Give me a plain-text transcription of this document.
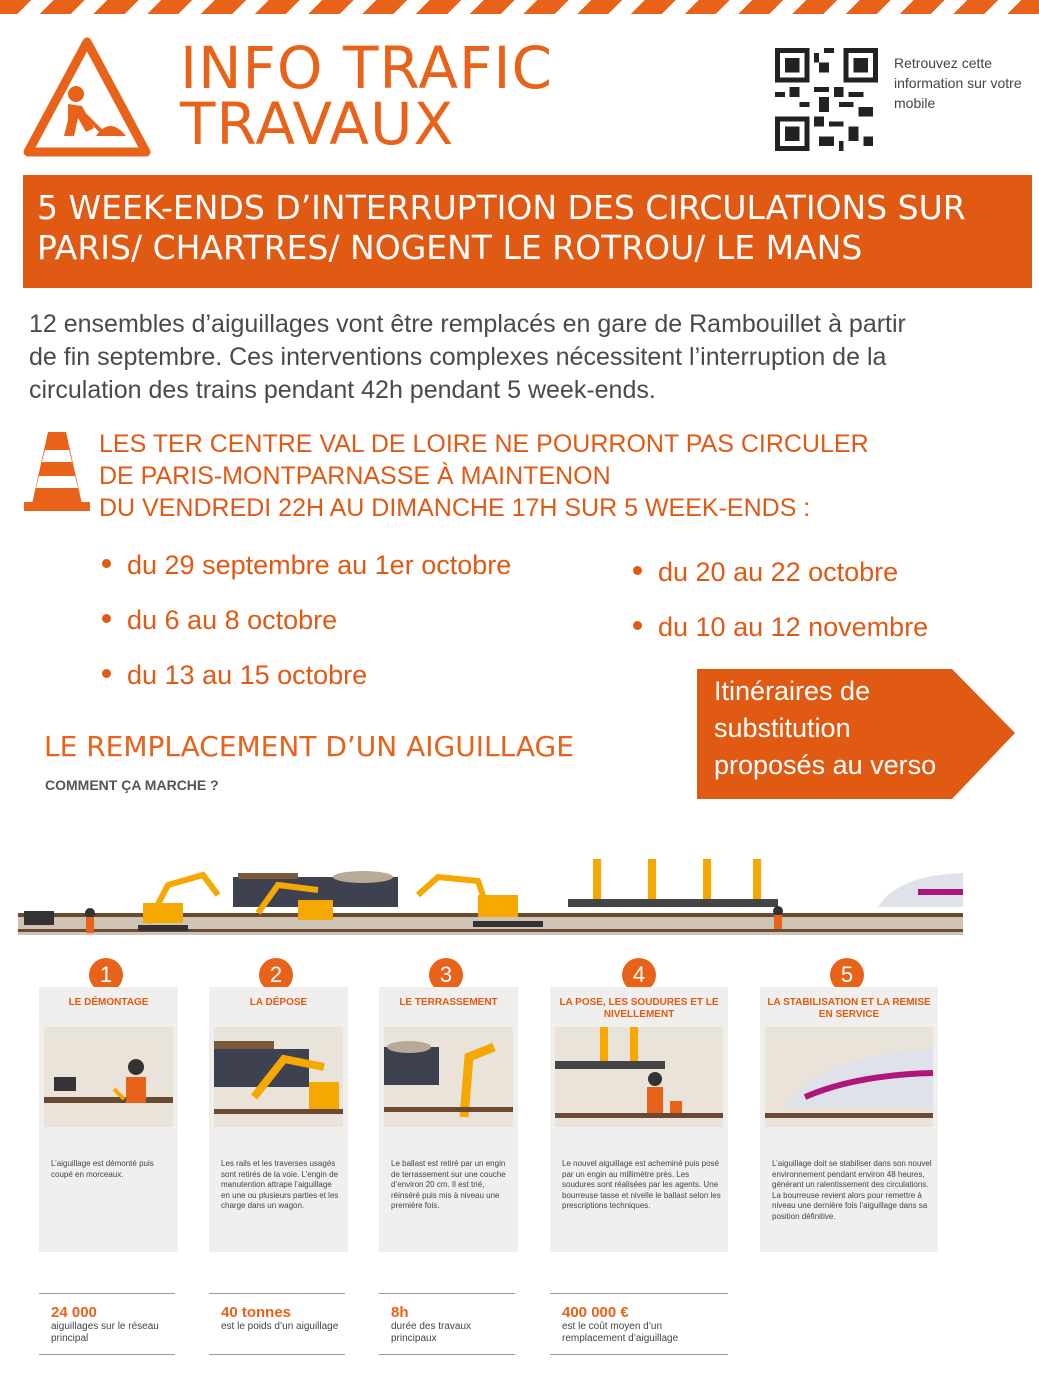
INFO TRAFIC
TRAVAUX
Retrouvez cette information sur votre mobile
5 WEEK-ENDS D’INTERRUPTION DES CIRCULATIONS SUR
PARIS/ CHARTRES/ NOGENT LE ROTROU/ LE MANS
12 ensembles d’aiguillages vont être remplacés en gare de Rambouillet à partir
de fin septembre. Ces interventions complexes nécessitent l’interruption de la
circulation des trains pendant 42h pendant 5 week-ends.
LES TER CENTRE VAL DE LOIRE NE POURRONT PAS CIRCULER
DE PARIS-MONTPARNASSE À MAINTENON
DU VENDREDI 22H AU DIMANCHE 17H SUR 5 WEEK-ENDS :
du 29 septembre au 1er octobre
du 6 au 8 octobre
du 13 au 15 octobre
du 20 au 22 octobre
du 10 au 12 novembre
Itinéraires de
substitution
proposés au verso
LE REMPLACEMENT D’UN AIGUILLAGE
COMMENT ÇA MARCHE ?
1
LE DÉMONTAGE
L’aiguillage est démonté puis coupé en morceaux.
2
LA DÉPOSE
Les rails et les traverses usagés sont retirés de la voie. L’engin de manutention attrape l’aiguillage en une ou plusieurs parties et les charge dans un wagon.
3
LE TERRASSEMENT
Le ballast est retiré par un engin de terrassement sur une couche d’environ 20 cm. Il est trié, réinséré puis mis à niveau une première fois.
4
LA POSE, LES SOUDURES ET LE NIVELLEMENT
Le nouvel aiguillage est acheminé puis posé par un engin au millimètre près. Les soudures sont réalisées par les agents. Une bourreuse tasse et nivelle le ballast selon les prescriptions techniques.
5
LA STABILISATION ET LA REMISE EN SERVICE
L’aiguillage doit se stabiliser dans son nouvel environnement pendant environ 48 heures, générant un ralentissement des circulations. La bourreuse revient alors pour remettre à niveau une dernière fois l’aiguillage dans sa position définitive.
24 000
aiguillages sur le réseau principal
40 tonnes
est le poids d’un aiguillage
8h
durée des travaux principaux
400 000 €
est le coût moyen d’un remplacement d’aiguillage
